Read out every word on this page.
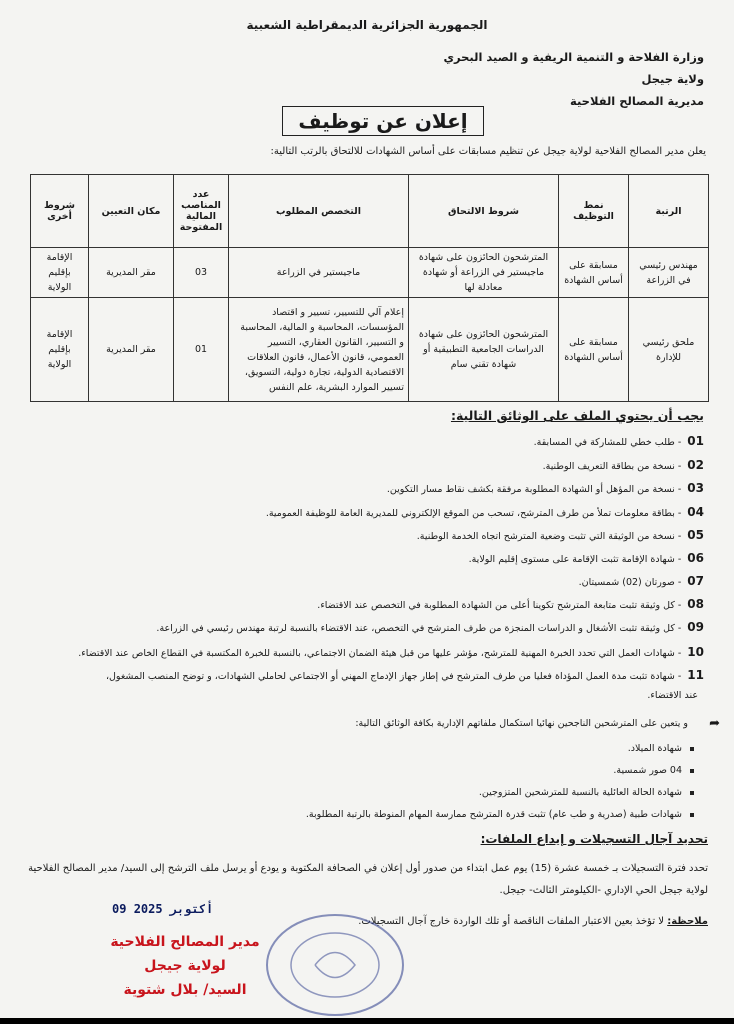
الجمهورية الجزائرية الديمقراطية الشعبية
وزارة الفلاحة و التنمية الريفية و الصيد البحري
ولاية جيجل
مديرية المصالح الفلاحية
إعلان عن توظيف
يعلن مدير المصالح الفلاحية لولاية جيجل عن تنظيم مسابقات على أساس الشهادات للالتحاق بالرتب التالية:
الرتبة	نمط التوظيف	شروط الالتحاق	التخصص المطلوب	عدد المناصب المالية المفتوحة	مكان التعيين	شروط أخرى
مهندس رئيسي في الزراعة	مسابقة على أساس الشهادة	المترشحون الحائزون على شهادة ماجيستير في الزراعة أو شهادة معادلة لها	ماجيستير في الزراعة	03	مقر المديرية	الإقامة بإقليم الولاية
ملحق رئيسي للإدارة	مسابقة على أساس الشهادة	المترشحون الحائزون على شهادة الدراسات الجامعية التطبيقية أو شهادة تقني سام	إعلام آلي للتسيير، تسيير و اقتصاد المؤسسات، المحاسبة و المالية، المحاسبة و التسيير، القانون العقاري، التسيير العمومي، قانون الأعمال، قانون العلاقات الاقتصادية الدولية، تجارة دولية، التسويق، تسيير الموارد البشرية، علم النفس	01	مقر المديرية	الإقامة بإقليم الولاية
يجب أن يحتوي الملف على الوثائق التالية:
01- طلب خطي للمشاركة في المسابقة.
02- نسخة من بطاقة التعريف الوطنية.
03- نسخة من المؤهل أو الشهادة المطلوبة مرفقة بكشف نقاط مسار التكوين.
04- بطاقة معلومات تملأ من طرف المترشح، تسحب من الموقع الإلكتروني للمديرية العامة للوظيفة العمومية.
05- نسخة من الوثيقة التي تثبت وضعية المترشح اتجاه الخدمة الوطنية.
06- شهادة الإقامة تثبت الإقامة على مستوى إقليم الولاية.
07- صورتان (02) شمسيتان.
08- كل وثيقة تثبت متابعة المترشح تكوينا أعلى من الشهادة المطلوبة في التخصص عند الاقتضاء.
09- كل وثيقة تثبت الأشغال و الدراسات المنجزة من طرف المترشح في التخصص، عند الاقتضاء بالنسبة لرتبة مهندس رئيسي في الزراعة.
10- شهادات العمل التي تحدد الخبرة المهنية للمترشح، مؤشر عليها من قبل هيئة الضمان الاجتماعي، بالنسبة للخبرة المكتسبة في القطاع الخاص عند الاقتضاء.
11- شهادة تثبت مدة العمل المؤداة فعليا من طرف المترشح في إطار جهاز الإدماج المهني أو الاجتماعي لحاملي الشهادات، و توضح المنصب المشغول،
عند الاقتضاء.
➦
و يتعين على المترشحين الناجحين نهائيا استكمال ملفاتهم الإدارية بكافة الوثائق التالية:
شهادة الميلاد.
04 صور شمسية.
شهادة الحالة العائلية بالنسبة للمترشحين المتزوجين.
شهادات طبية (صدرية و طب عام) تثبت قدرة المترشح ممارسة المهام المنوطة بالرتبة المطلوبة.
تحديد آجال التسجيلات و إيداع الملفات:
تحدد فترة التسجيلات بـ خمسة عشرة (15) يوم عمل ابتداء من صدور أول إعلان في الصحافة المكتوبة و يودع أو يرسل ملف الترشح إلى السيد/ مدير المصالح الفلاحية لولاية جيجل الحي الإداري -الكيلومتر الثالث- جيجل.
ملاحظة: لا تؤخذ بعين الاعتبار الملفات الناقصة أو تلك الواردة خارج آجال التسجيلات.
09 أكتوبر 2025
مدير المصالح الفلاحية
لولاية جيجل
السيد/ بلال شتوية
